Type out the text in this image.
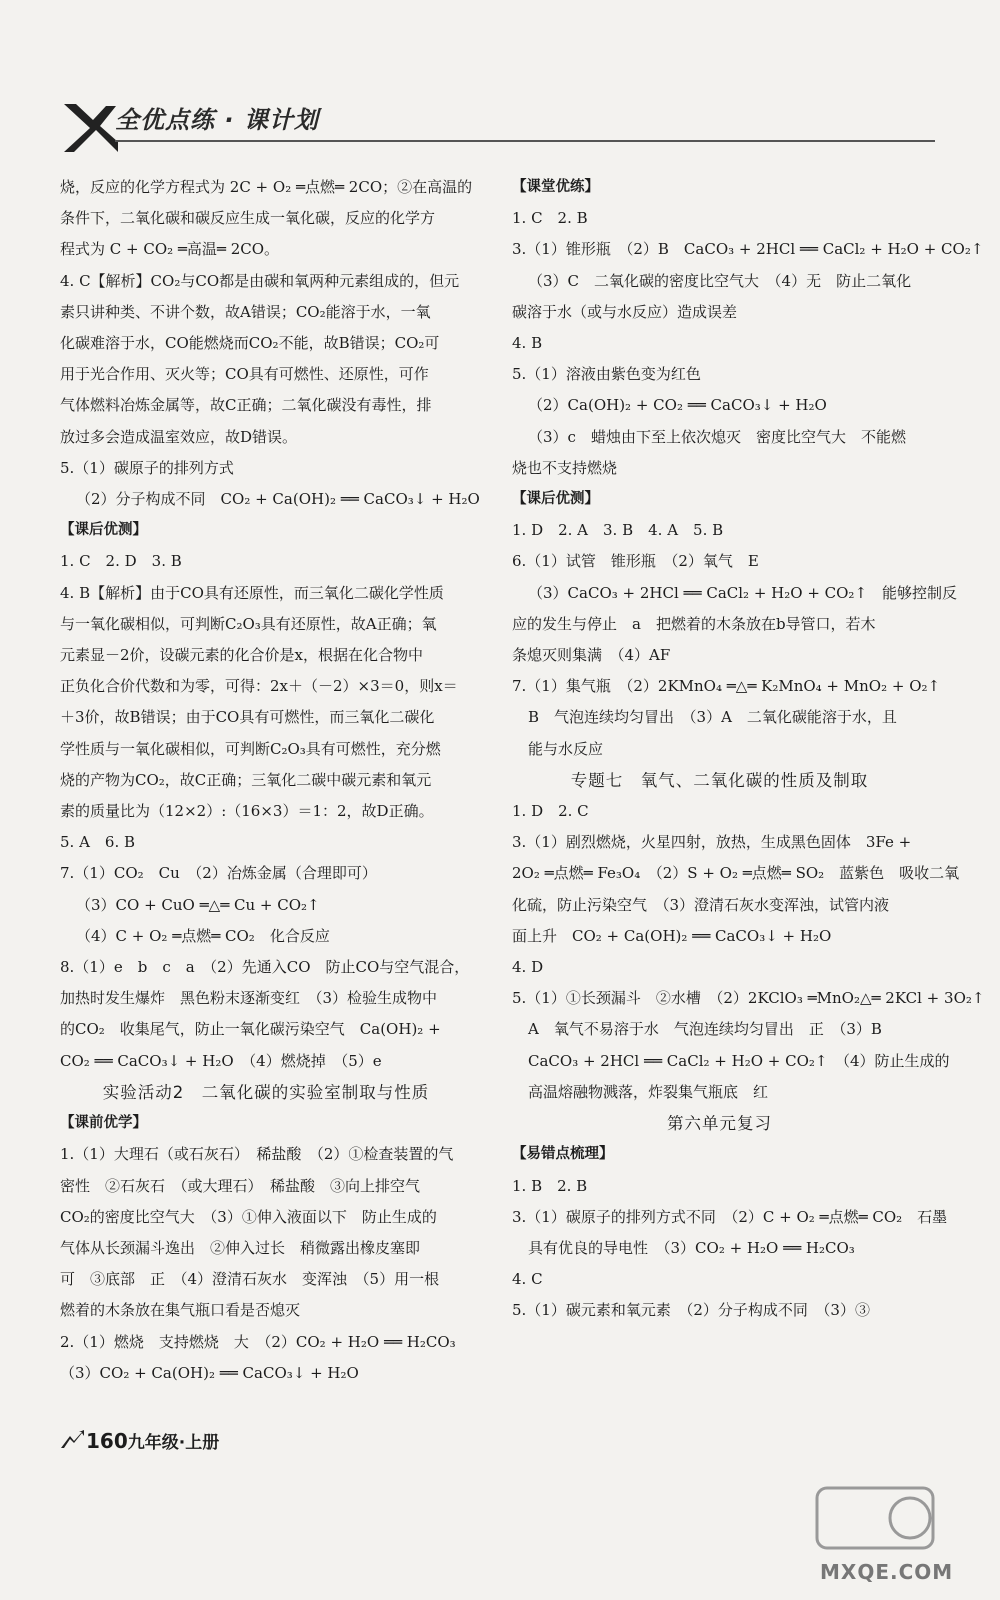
全优点练 · 课计划
烧，反应的化学方程式为 2C + O₂ ═点燃═ 2CO；②在高温的
条件下，二氧化碳和碳反应生成一氧化碳，反应的化学方
程式为 C + CO₂ ═高温═ 2CO。
4. C【解析】CO₂与CO都是由碳和氧两种元素组成的，但元
素只讲种类、不讲个数，故A错误；CO₂能溶于水，一氧
化碳难溶于水，CO能燃烧而CO₂不能，故B错误；CO₂可
用于光合作用、灭火等；CO具有可燃性、还原性，可作
气体燃料冶炼金属等，故C正确；二氧化碳没有毒性，排
放过多会造成温室效应，故D错误。
5.（1）碳原子的排列方式
（2）分子构成不同　CO₂ + Ca(OH)₂ ══ CaCO₃↓ + H₂O
【课后优测】
1. C　2. D　3. B
4. B【解析】由于CO具有还原性，而三氧化二碳化学性质
与一氧化碳相似，可判断C₂O₃具有还原性，故A正确；氧
元素显－2价，设碳元素的化合价是x，根据在化合物中
正负化合价代数和为零，可得：2x＋（－2）×3＝0，则x＝
＋3价，故B错误；由于CO具有可燃性，而三氧化二碳化
学性质与一氧化碳相似，可判断C₂O₃具有可燃性，充分燃
烧的产物为CO₂，故C正确；三氧化二碳中碳元素和氧元
素的质量比为（12×2）:（16×3）＝1：2，故D正确。
5. A　6. B
7.（1）CO₂　Cu　（2）冶炼金属（合理即可）
（3）CO + CuO ═△═ Cu + CO₂↑
（4）C + O₂ ═点燃═ CO₂　化合反应
8.（1）e　b　c　a　（2）先通入CO　防止CO与空气混合，
加热时发生爆炸　黑色粉末逐渐变红　（3）检验生成物中
的CO₂　收集尾气，防止一氧化碳污染空气　Ca(OH)₂ +
CO₂ ══ CaCO₃↓ + H₂O　（4）燃烧掉　（5）e
实验活动2　二氧化碳的实验室制取与性质
【课前优学】
1.（1）大理石（或石灰石）　稀盐酸　（2）①检查装置的气
密性　②石灰石　（或大理石）　稀盐酸　③向上排空气
CO₂的密度比空气大　（3）①伸入液面以下　防止生成的
气体从长颈漏斗逸出　②伸入过长　稍微露出橡皮塞即
可　③底部　正　（4）澄清石灰水　变浑浊　（5）用一根
燃着的木条放在集气瓶口看是否熄灭
2.（1）燃烧　支持燃烧　大　（2）CO₂ + H₂O ══ H₂CO₃
（3）CO₂ + Ca(OH)₂ ══ CaCO₃↓ + H₂O
【课堂优练】
1. C　2. B
3.（1）锥形瓶　（2）B　CaCO₃ + 2HCl ══ CaCl₂ + H₂O + CO₂↑
（3）C　二氧化碳的密度比空气大　（4）无　防止二氧化
碳溶于水（或与水反应）造成误差
4. B
5.（1）溶液由紫色变为红色
（2）Ca(OH)₂ + CO₂ ══ CaCO₃↓ + H₂O
（3）c　蜡烛由下至上依次熄灭　密度比空气大　不能燃
烧也不支持燃烧
【课后优测】
1. D　2. A　3. B　4. A　5. B
6.（1）试管　锥形瓶　（2）氧气　E
（3）CaCO₃ + 2HCl ══ CaCl₂ + H₂O + CO₂↑　能够控制反
应的发生与停止　a　把燃着的木条放在b导管口，若木
条熄灭则集满　（4）AF
7.（1）集气瓶　（2）2KMnO₄ ═△═ K₂MnO₄ + MnO₂ + O₂↑
B　气泡连续均匀冒出　（3）A　二氧化碳能溶于水，且
能与水反应
专题七　氧气、二氧化碳的性质及制取
1. D　2. C
3.（1）剧烈燃烧，火星四射，放热，生成黑色固体　3Fe +
2O₂ ═点燃═ Fe₃O₄　（2）S + O₂ ═点燃═ SO₂　蓝紫色　吸收二氧
化硫，防止污染空气　（3）澄清石灰水变浑浊，试管内液
面上升　CO₂ + Ca(OH)₂ ══ CaCO₃↓ + H₂O
4. D
5.（1）①长颈漏斗　②水槽　（2）2KClO₃ ═MnO₂△═ 2KCl + 3O₂↑
A　氧气不易溶于水　气泡连续均匀冒出　正　（3）B
CaCO₃ + 2HCl ══ CaCl₂ + H₂O + CO₂↑　（4）防止生成的
高温熔融物溅落，炸裂集气瓶底　红
第六单元复习
【易错点梳理】
1. B　2. B
3.（1）碳原子的排列方式不同　（2）C + O₂ ═点燃═ CO₂　石墨
具有优良的导电性　（3）CO₂ + H₂O ══ H₂CO₃
4. C
5.（1）碳元素和氧元素　（2）分子构成不同　（3）③
160九年级·上册
MXQE.COM
